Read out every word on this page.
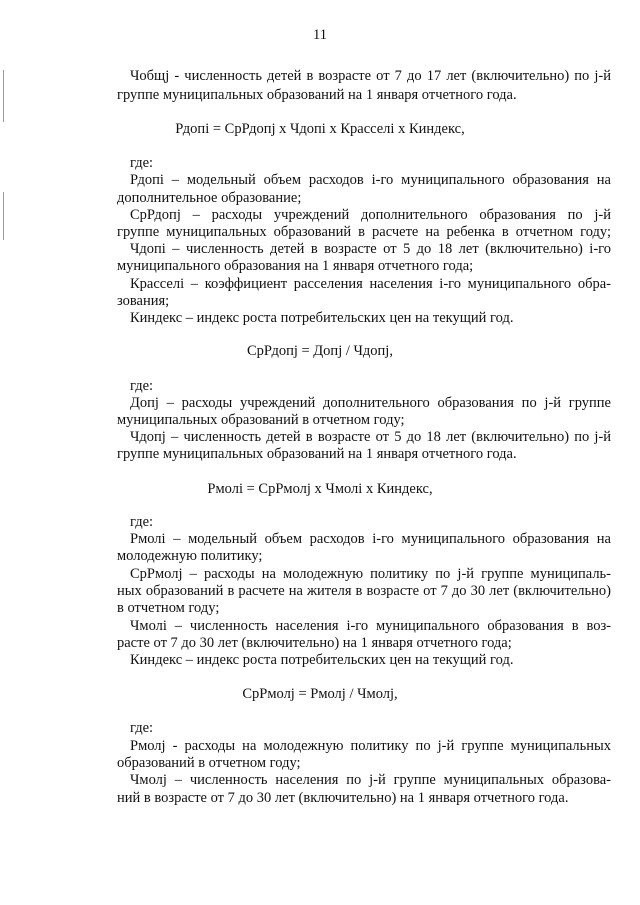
11
Чобщj - численность детей в возрасте от 7 до 17 лет (включительно) по j-й
группе муниципальных образований на 1 января отчетного года.
Рдопi = СрРдопj х Чдопi х Красселi х Киндекс,
где:
Рдопi – модельный объем расходов i-го муниципального образования на
дополнительное образование;
СрРдопj – расходы учреждений дополнительного образования по j-й
группе муниципальных образований в расчете на ребенка в отчетном году;
Чдопi – численность детей в возрасте от 5 до 18 лет (включительно) i-го
муниципального образования на 1 января отчетного года;
Красселi – коэффициент расселения населения i-го муниципального обра-
зования;
Киндекс – индекс роста потребительских цен на текущий год.
СрРдопj = Допj / Чдопj,
где:
Допj – расходы учреждений дополнительного образования по j-й группе
муниципальных образований в отчетном году;
Чдопj – численность детей в возрасте от 5 до 18 лет (включительно) по j-й
группе муниципальных образований на 1 января отчетного года.
Рмолi = СрРмолj х Чмолi х Киндекс,
где:
Рмолi – модельный объем расходов i-го муниципального образования на
молодежную политику;
СрРмолj – расходы на молодежную политику по j-й группе муниципаль-
ных образований в расчете на жителя в возрасте от 7 до 30 лет (включительно)
в отчетном году;
Чмолi – численность населения i-го муниципального образования в воз-
расте от 7 до 30 лет (включительно) на 1 января отчетного года;
Киндекс – индекс роста потребительских цен на текущий год.
СрРмолj = Рмолj / Чмолj,
где:
Рмолj - расходы на молодежную политику по j-й группе муниципальных
образований в отчетном году;
Чмолj – численность населения по j-й группе муниципальных образова-
ний в возрасте от 7 до 30 лет (включительно) на 1 января отчетного года.
